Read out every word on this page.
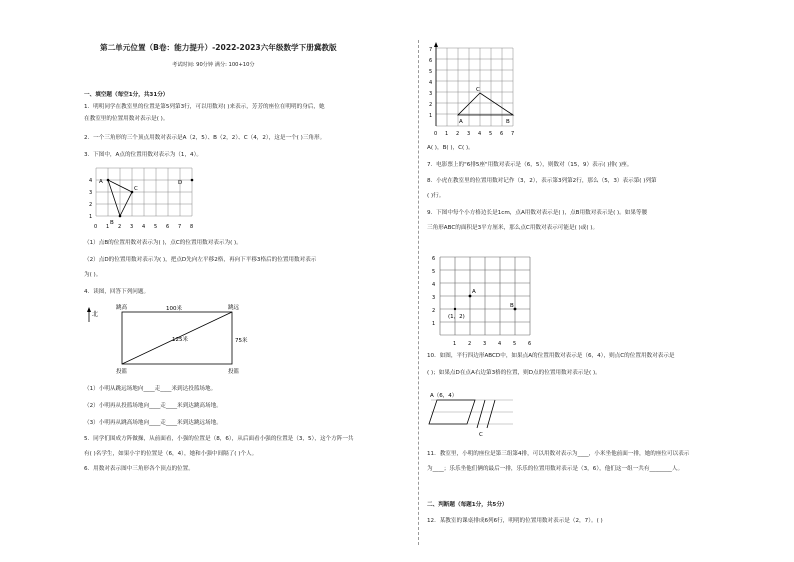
第二单元位置（B卷：能力提升）-2022-2023六年级数学下册冀教版
考试时间: 90分钟 满分: 100+10分
一、填空题（每空1分，共31分）
1．明明同学在教室里的位置是第5列第3行，可以用数对( )来表示，芳芳的座位在明明的身后，她
在教室里的位置用数对表示是( )。
2．一个三角形的三个顶点用数对表示是A（2，5）、B（2，2）、C（4，2），这是一个( )三角形。
3．下图中，A点的位置用数对表示为（1，4）。
A
B
C
D
4
3
2
1
0 1 2 3 4 5 6 7 8
（1）点B的位置用数对表示为( )，点C的位置用数对表示为( )。
（2）点D的位置用数对表示为( )，把点D先向左平移2格，再向下平移3格后的位置用数对表示
为( )。
4．读图，回答下列问题。
北
跳高	跳远
投篮	投篮
100米
75米
125米
（1）小明从跳远场地向____走____米到达投篮场地。
（2）小明再从投篮场地向____走____米到达跳高场地。
（3）小明再从跳高场地向____走____米到达跳远场地。
5．同学们围成方阵做操，从前面看，小强的位置是（8，6），从后面看小强的位置是（3，5），这个方阵一共
有( )名学生，如果小宇的位置是（6，4），她和小强中间隔了( )个人。
6．用数对表示图中三角形各个顶点的位置。
A	B
C
7
6
5
4
3
2
1
0 1 2 3 4 5 6 7
A( )，B( )，C( )。
7．电影票上的"6排5座"用数对表示是（6，5），则数对（15，9）表示( )排( )座。
8．小虎在教室里的位置用数对记作（3，2），表示第3列第2行，那么（5，3）表示第( )列第
( )行。
9．下图中每个小方格边长是1cm，点A用数对表示是( )，点B用数对表示是( )。如果等腰
三角形ABC的面积是3平方厘米，那么点C用数对表示可能是( )或( )。
A
B
(1，2)
6
5
4
3
2
1
1 2 3 4 5 6
10．如图，平行四边形ABCD中，如果点A的位置用数对表示是（6，4），则点C的位置用数对表示是
( )；如果点D在点A右边第3格的位置，则D点的位置用数对表示是( )。
A（6，4）
C
11．教室里，小明的座位是第三组第4排，可以用数对表示为____，小米坐他前面一排，她的座位可以表示
为____；乐乐坐他们俩的最后一排，乐乐的位置用数对表示是（3，6），他们这一组一共有________人。
二、判断题（每题1分，共5分）
12．某教室的课桌排成6列6行，明明的位置用数对表示是（2，7）。( )
